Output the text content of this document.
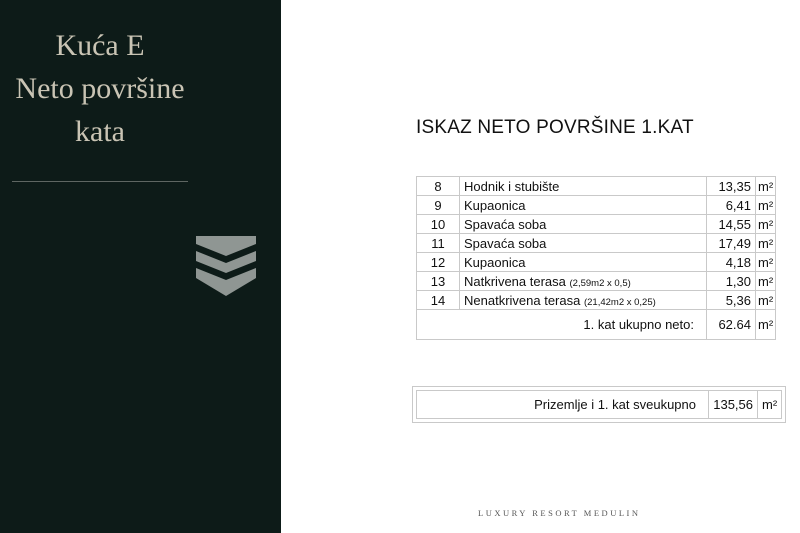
Kuća E
Neto površine
kata	ISKAZ NETO POVRŠINE 1.KAT
8	Hodnik i stubište	13,35	m²
9	Kupaonica	6,41	m²
10	Spavaća soba	14,55	m²
11	Spavaća soba	17,49	m²
12	Kupaonica	4,18	m²
13	Natkrivena terasa (2,59m2 x 0,5)	1,30	m²
14	Nenatkrivena terasa (21,42m2 x 0,25)	5,36	m²
1. kat ukupno neto:		62.64	m²
Prizemlje i 1. kat sveukupno	135,56	m²
LUXURY RESORT MEDULIN
